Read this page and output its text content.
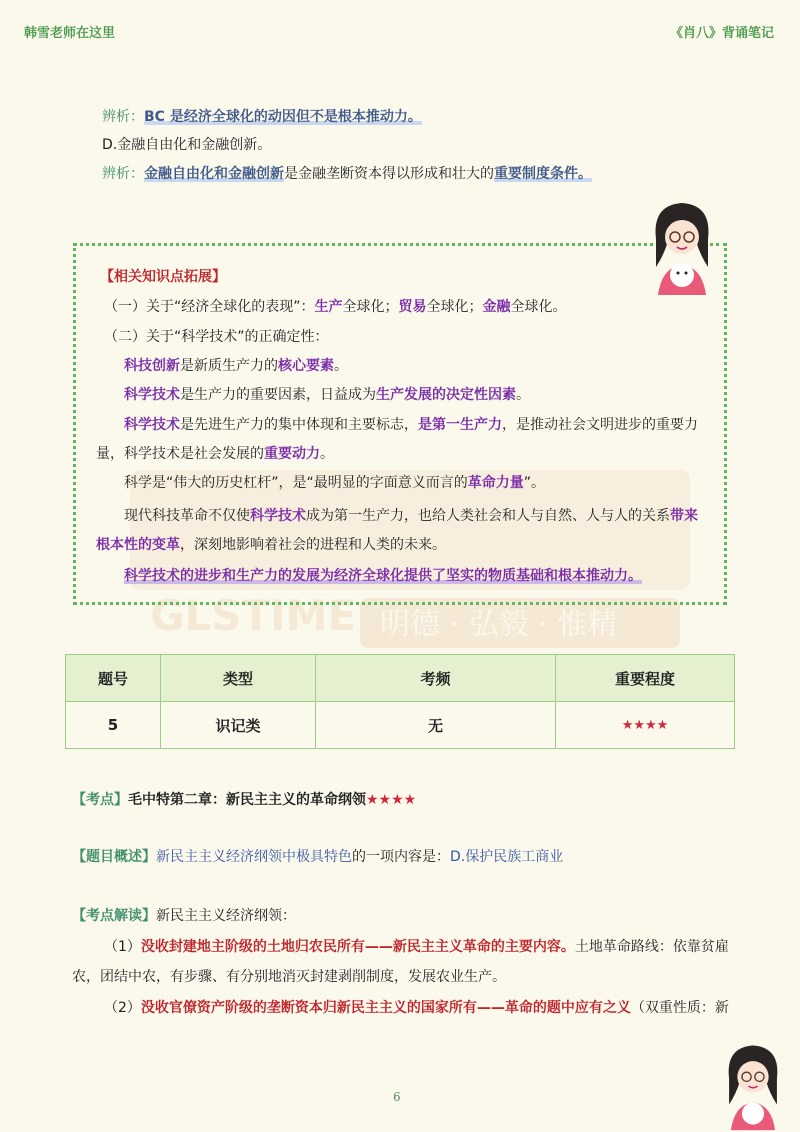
韩雪老师在这里	《肖八》背诵笔记
辨析：BC 是经济全球化的动因但不是根本推动力。
D.金融自由化和金融创新。
辨析：金融自由化和金融创新是金融垄断资本得以形成和壮大的重要制度条件。
GLSTIME 明德 · 弘毅 · 惟精
【相关知识点拓展】
（一）关于“经济全球化的表现”：生产全球化；贸易全球化；金融全球化。
（二）关于“科学技术”的正确定性：
科技创新是新质生产力的核心要素。
科学技术是生产力的重要因素，日益成为生产发展的决定性因素。
科学技术是先进生产力的集中体现和主要标志，是第一生产力，是推动社会文明进步的重要力
量，科学技术是社会发展的重要动力。
科学是“伟大的历史杠杆”，是“最明显的字面意义而言的革命力量”。
现代科技革命不仅使科学技术成为第一生产力，也给人类社会和人与自然、人与人的关系带来
根本性的变革，深刻地影响着社会的进程和人类的未来。
科学技术的进步和生产力的发展为经济全球化提供了坚实的物质基础和根本推动力。
题号	类型	考频	重要程度
5	识记类	无	★★★★
【考点】毛中特第二章：新民主主义的革命纲领★★★★
【题目概述】新民主主义经济纲领中极具特色的一项内容是：D.保护民族工商业
【考点解读】新民主主义经济纲领：
（1）没收封建地主阶级的土地归农民所有——新民主主义革命的主要内容。土地革命路线：依靠贫雇
农，团结中农，有步骤、有分别地消灭封建剥削制度，发展农业生产。
（2）没收官僚资产阶级的垄断资本归新民主主义的国家所有——革命的题中应有之义（双重性质：新
6
